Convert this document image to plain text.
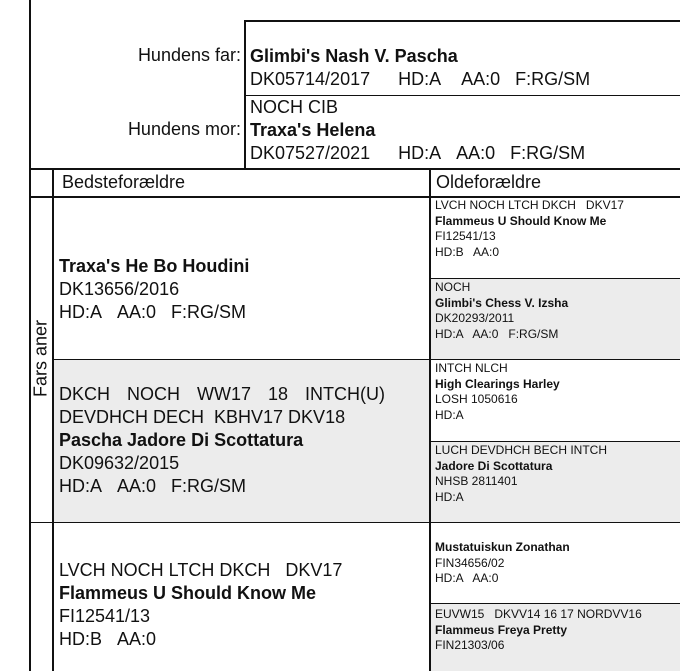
Hundens far:
Hundens mor:
Glimbi's Nash V. Pascha
DK05714/2017 HD:A AA:0 F:RG/SM
NOCH CIB
Traxa's Helena
DK07527/2021 HD:A AA:0 F:RG/SM
Bedsteforældre	Oldeforældre
Fars aner
Traxa's He Bo Houdini
DK13656/2016
HD:A AA:0 F:RG/SM
DKCH NOCH WW17 18 INTCH(U)
DEVDHCH DECH  KBHV17 DKV18
Pascha Jadore Di Scottatura
DK09632/2015
HD:A AA:0 F:RG/SM
LVCH NOCH LTCH DKCH   DKV17
Flammeus U Should Know Me
FI12541/13
HD:B AA:0
LVCH NOCH LTCH DKCH   DKV17
Flammeus U Should Know Me
FI12541/13
HD:B   AA:0
NOCH
Glimbi's Chess V. Izsha
DK20293/2011
HD:A   AA:0   F:RG/SM
INTCH NLCH
High Clearings Harley
LOSH 1050616
HD:A
LUCH DEVDHCH BECH INTCH
Jadore Di Scottatura
NHSB 2811401
HD:A
Mustatuiskun Zonathan
FIN34656/02
HD:A   AA:0
EUVW15   DKVV14 16 17 NORDVV16
Flammeus Freya Pretty
FIN21303/06
